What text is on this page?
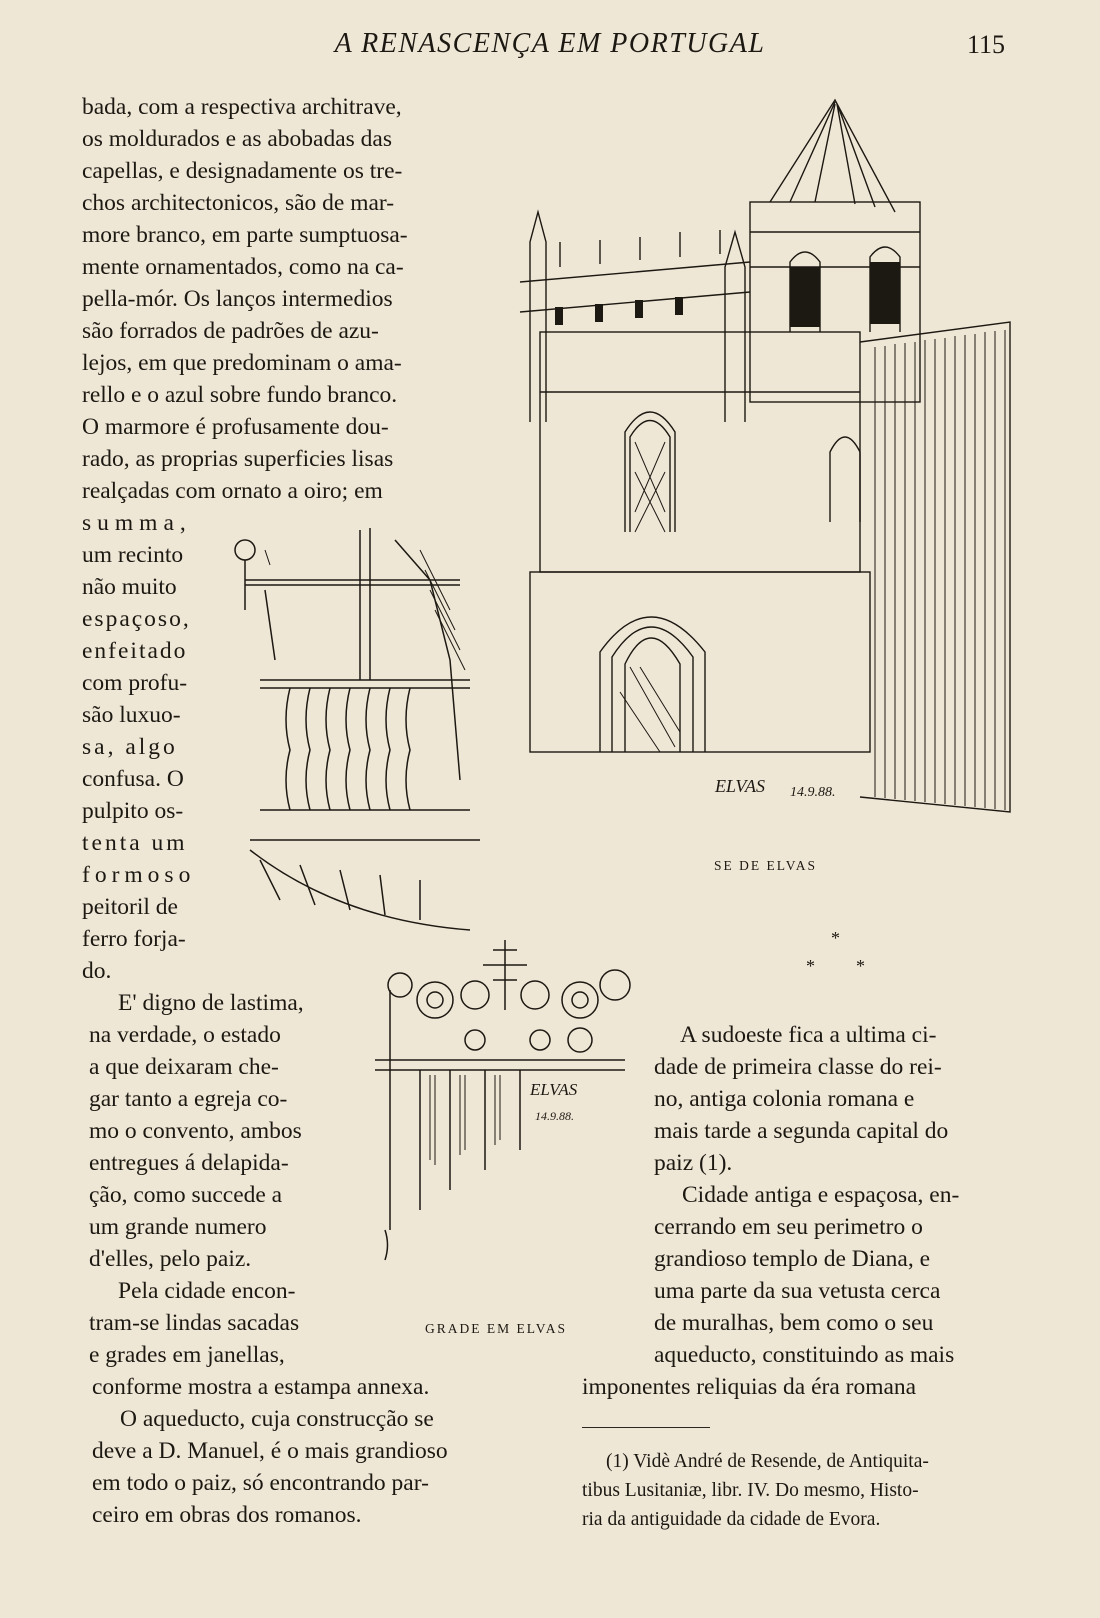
A RENASCENÇA EM PORTUGAL	115
bada, com a respectiva architrave,
os moldurados e as abobadas das
capellas, e designadamente os tre-
chos architectonicos, são de mar-
more branco, em parte sumptuosa-
mente ornamentados, como na ca-
pella-mór. Os lanços intermedios
são forrados de padrões de azu-
lejos, em que predominam o ama-
rello e o azul sobre fundo branco.
O marmore é profusamente dou-
rado, as proprias superficies lisas
realçadas com ornato a oiro; em
summa,
um recinto
não muito
espaçoso,
enfeitado
com profu-
são luxuo-
sa, algo
confusa. O
pulpito os-
tenta um
formoso
peitoril de
ferro forja-
do.
E' digno de lastima,
na verdade, o estado
a que deixaram che-
gar tanto a egreja co-
mo o convento, ambos
entregues á delapida-
ção, como succede a
um grande numero
d'elles, pelo paiz.
Pela cidade encon-
tram-se lindas sacadas
e grades em janellas,
conforme mostra a estampa annexa.
O aqueducto, cuja construcção se
deve a D. Manuel, é o mais grandioso
em todo o paiz, só encontrando par-
ceiro em obras dos romanos.
A sudoeste fica a ultima ci-
dade de primeira classe do rei-
no, antiga colonia romana e
mais tarde a segunda capital do
paiz (1).
Cidade antiga e espaçosa, en-
cerrando em seu perimetro o
grandioso templo de Diana, e
uma parte da sua vetusta cerca
de muralhas, bem como o seu
aqueducto, constituindo as mais
imponentes reliquias da éra romana
*
* *
ELVAS 14.9.88.
SE DE ELVAS
ELVAS
14.9.88.
GRADE EM ELVAS
(1) Vidè André de Resende, de Antiquita-
tibus Lusitaniæ, libr. IV. Do mesmo, Histo-
ria da antiguidade da cidade de Evora.
